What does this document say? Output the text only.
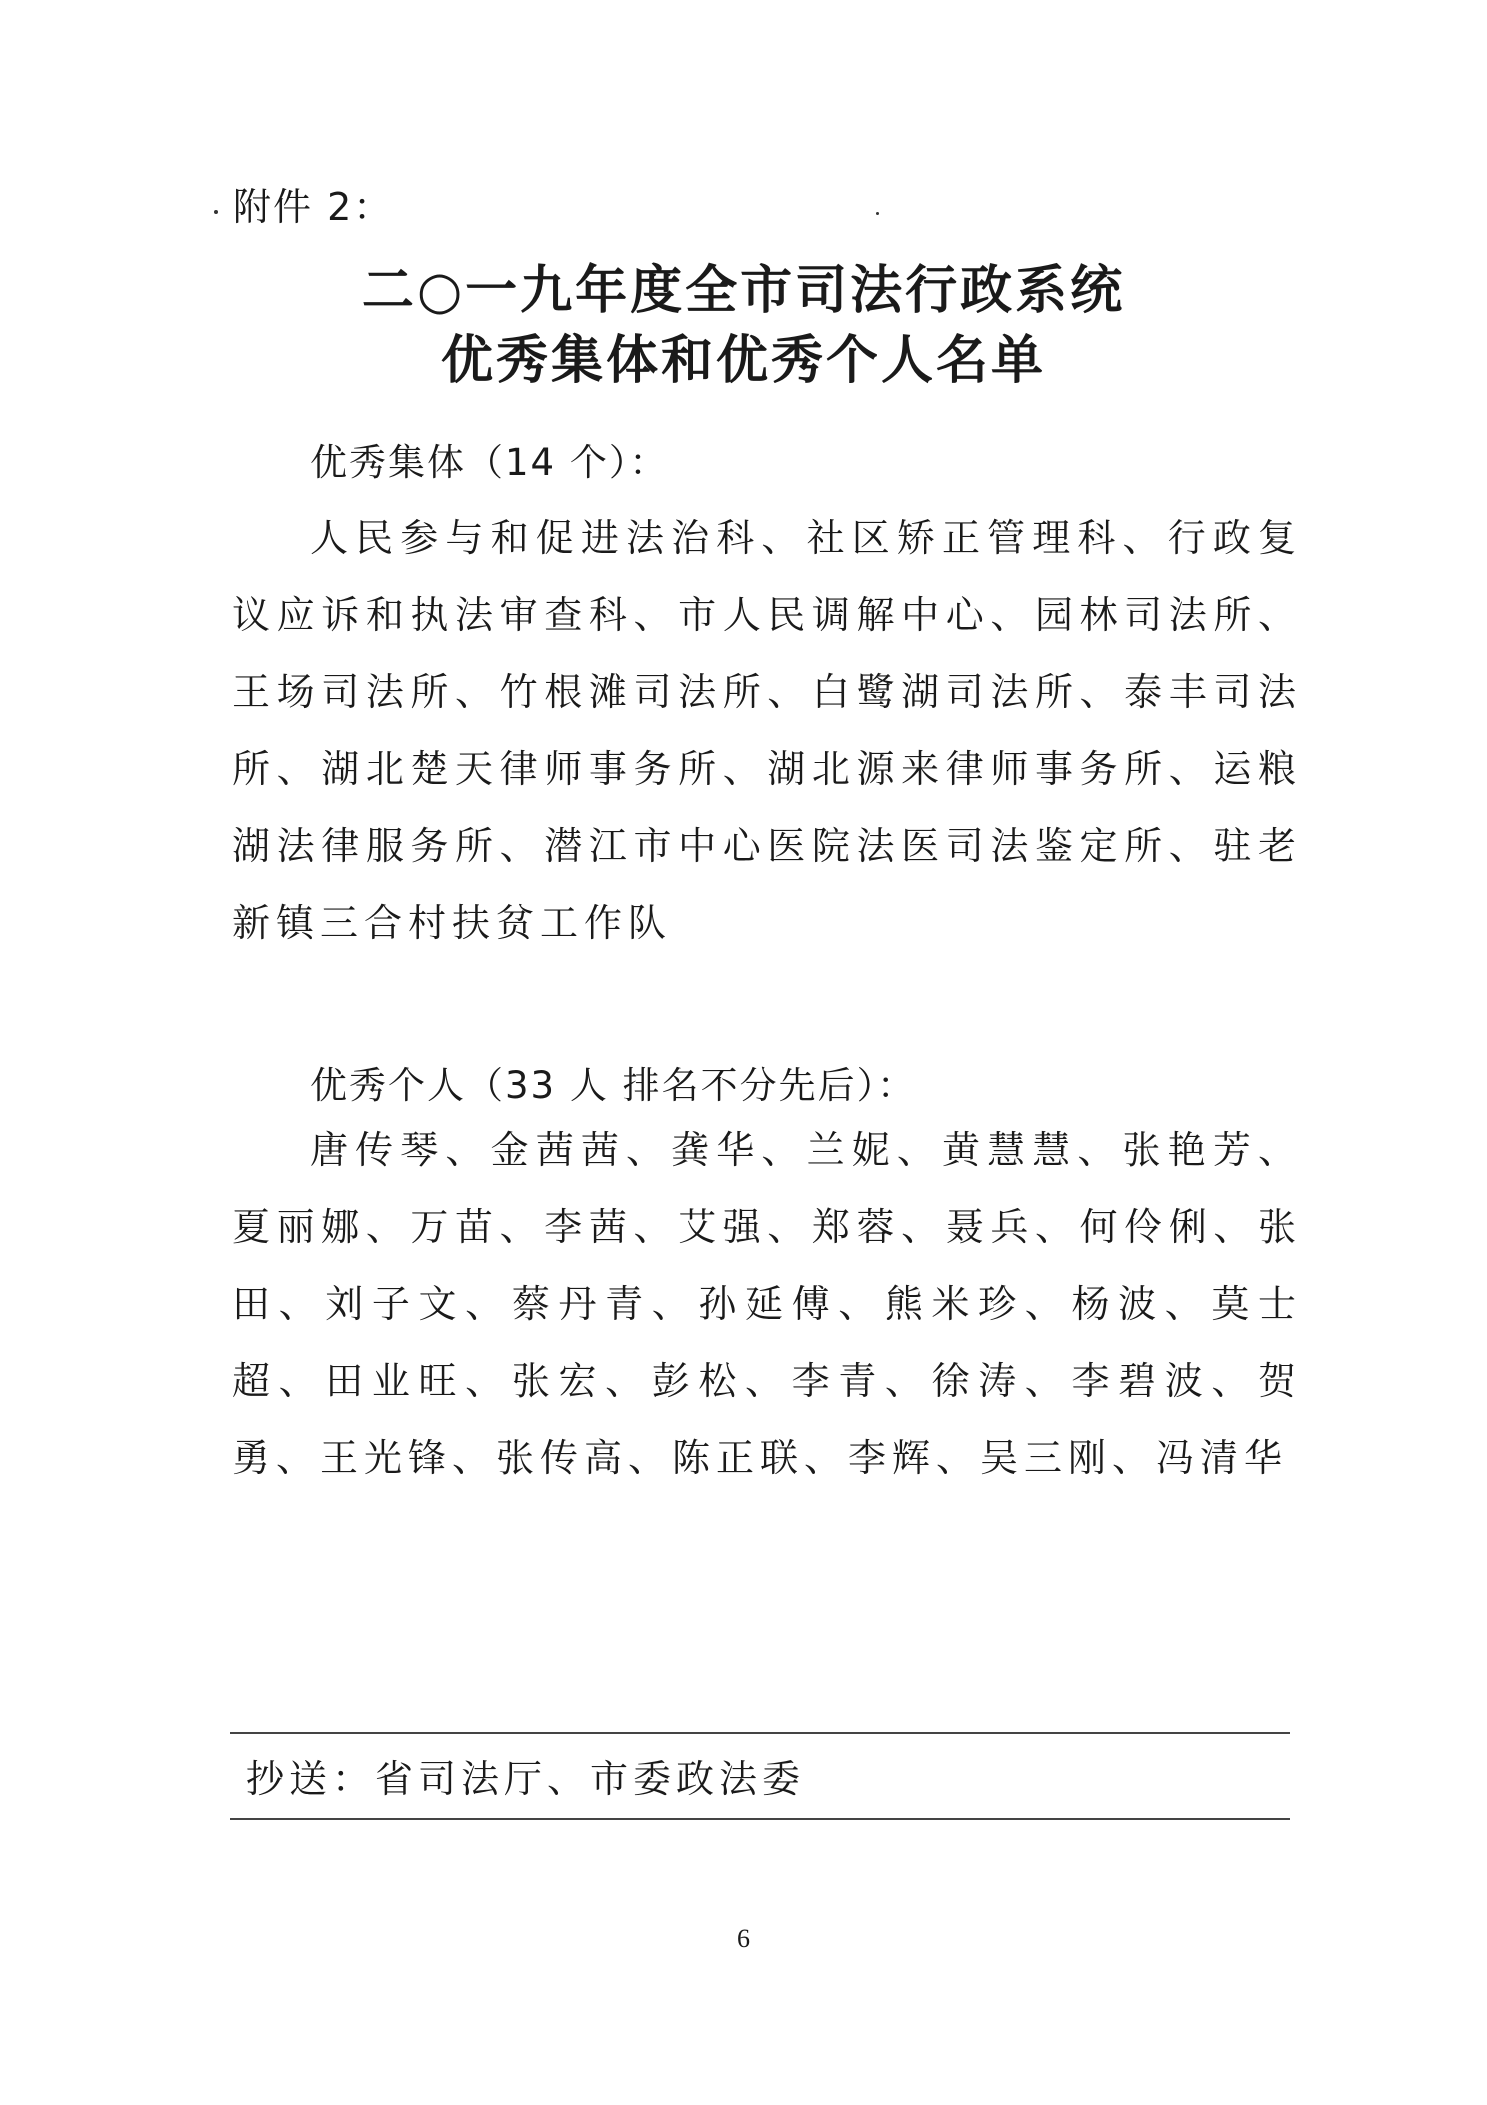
附件 2：
二○一九年度全市司法行政系统
优秀集体和优秀个人名单
优秀集体（14 个）：
人民参与和促进法治科、社区矫正管理科、行政复议应诉和执法审查科、市人民调解中心、园林司法所、王场司法所、竹根滩司法所、白鹭湖司法所、泰丰司法所、湖北楚天律师事务所、湖北源来律师事务所、运粮湖法律服务所、潜江市中心医院法医司法鉴定所、驻老新镇三合村扶贫工作队
优秀个人（33 人 排名不分先后）：
唐传琴、金茜茜、龚华、兰妮、黄慧慧、张艳芳、夏丽娜、万苗、李茜、艾强、郑蓉、聂兵、何伶俐、张田、刘子文、蔡丹青、孙延傅、熊米珍、杨波、莫士超、田业旺、张宏、彭松、李青、徐涛、李碧波、贺勇、王光锋、张传高、陈正联、李辉、吴三刚、冯清华
抄送：省司法厅、市委政法委
6
